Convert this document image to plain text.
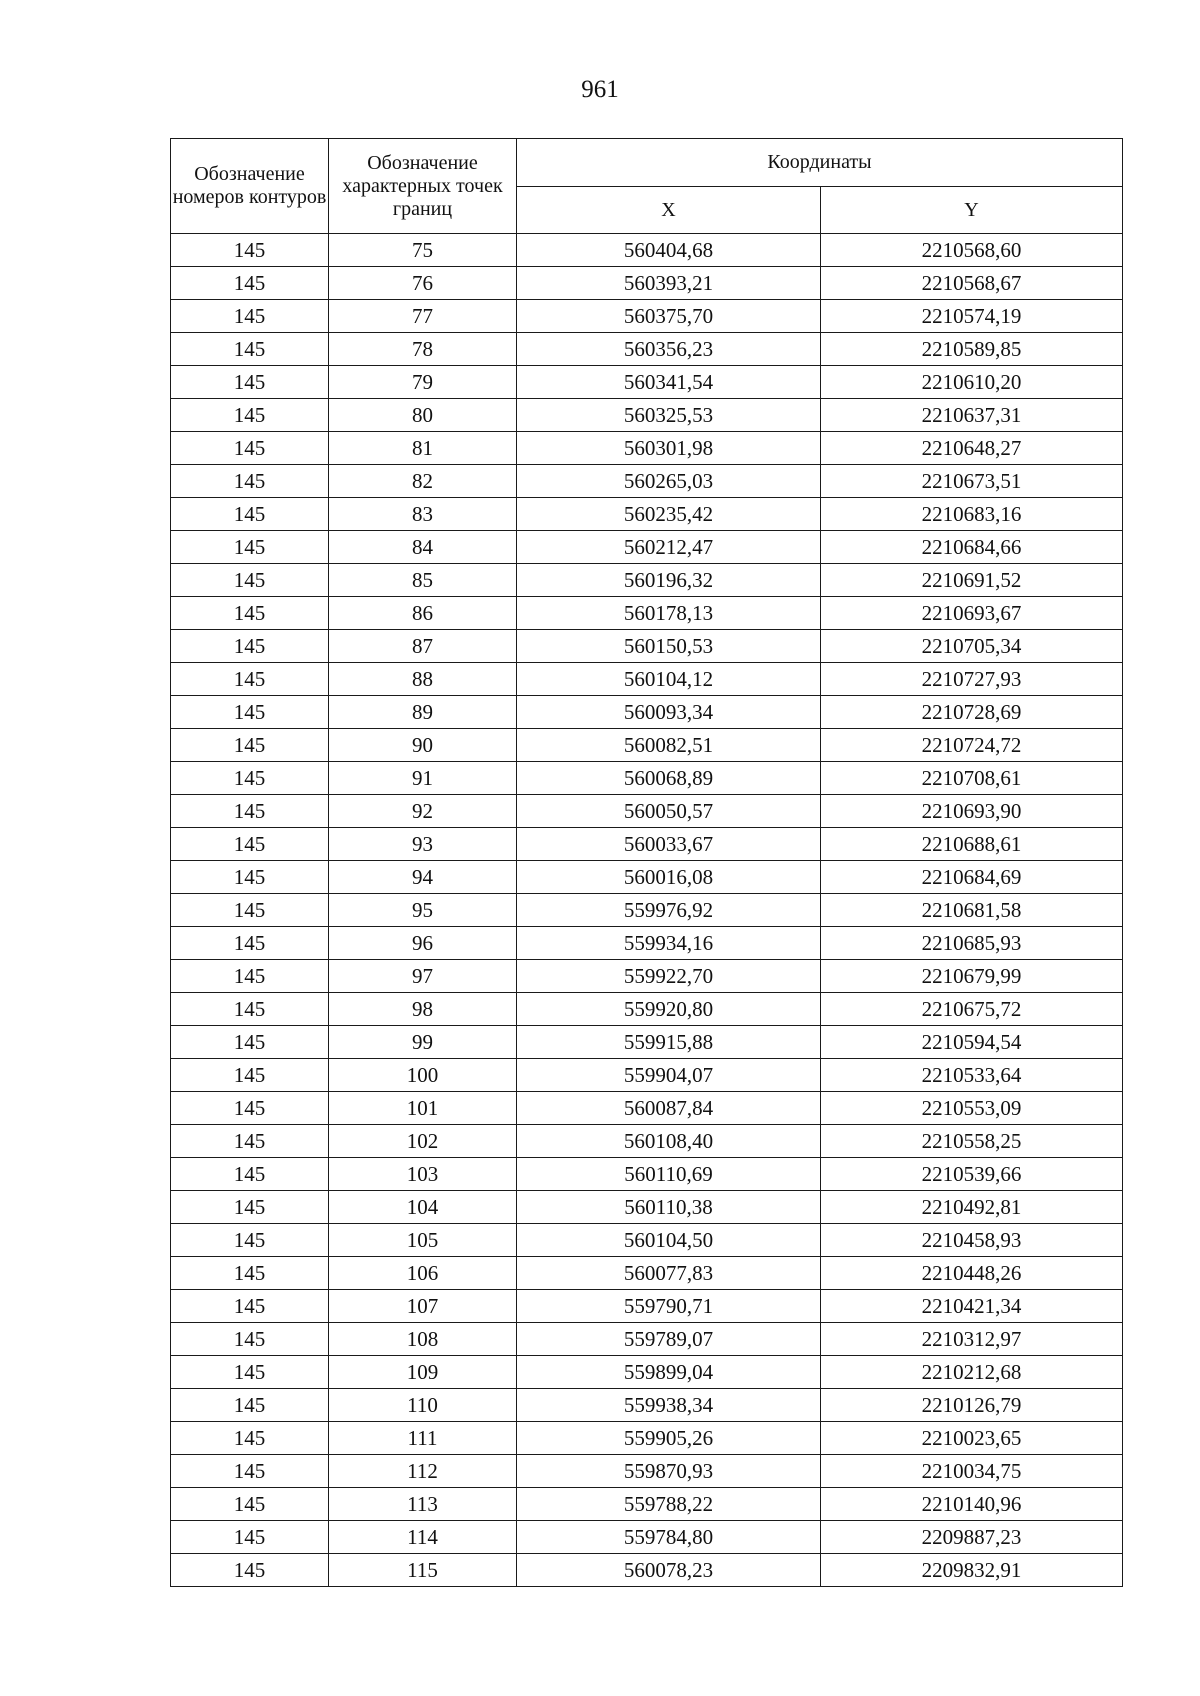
961
Обозначение номеров контуров	Обозначение характерных точек границ	Координаты	
		X	Y
145	75	560404,68	2210568,60
145	76	560393,21	2210568,67
145	77	560375,70	2210574,19
145	78	560356,23	2210589,85
145	79	560341,54	2210610,20
145	80	560325,53	2210637,31
145	81	560301,98	2210648,27
145	82	560265,03	2210673,51
145	83	560235,42	2210683,16
145	84	560212,47	2210684,66
145	85	560196,32	2210691,52
145	86	560178,13	2210693,67
145	87	560150,53	2210705,34
145	88	560104,12	2210727,93
145	89	560093,34	2210728,69
145	90	560082,51	2210724,72
145	91	560068,89	2210708,61
145	92	560050,57	2210693,90
145	93	560033,67	2210688,61
145	94	560016,08	2210684,69
145	95	559976,92	2210681,58
145	96	559934,16	2210685,93
145	97	559922,70	2210679,99
145	98	559920,80	2210675,72
145	99	559915,88	2210594,54
145	100	559904,07	2210533,64
145	101	560087,84	2210553,09
145	102	560108,40	2210558,25
145	103	560110,69	2210539,66
145	104	560110,38	2210492,81
145	105	560104,50	2210458,93
145	106	560077,83	2210448,26
145	107	559790,71	2210421,34
145	108	559789,07	2210312,97
145	109	559899,04	2210212,68
145	110	559938,34	2210126,79
145	111	559905,26	2210023,65
145	112	559870,93	2210034,75
145	113	559788,22	2210140,96
145	114	559784,80	2209887,23
145	115	560078,23	2209832,91
